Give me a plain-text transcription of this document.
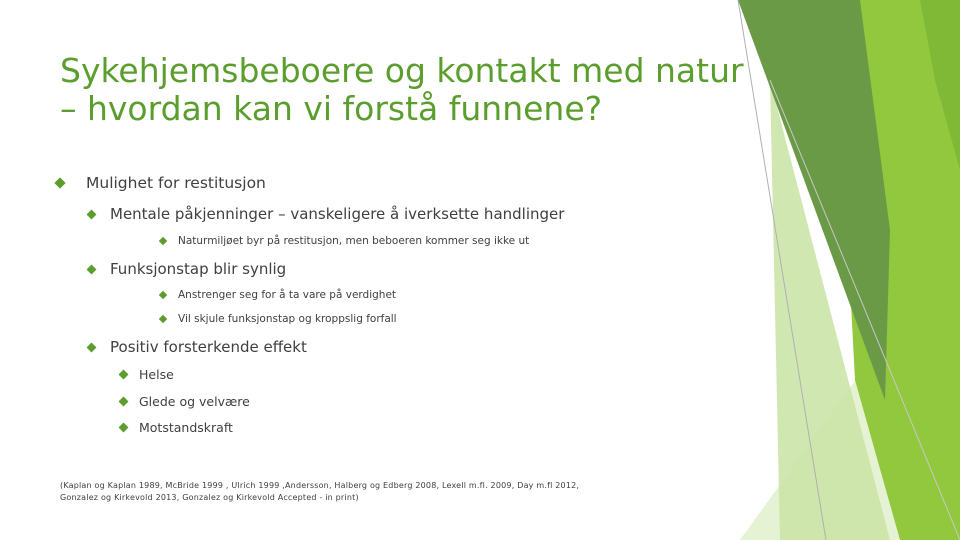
Sykehjemsbeboere og kontakt med natur
– hvordan kan vi forstå funnene?
Mulighet for restitusjon
Mentale påkjenninger – vanskeligere å iverksette handlinger
Naturmiljøet byr på restitusjon, men beboeren kommer seg ikke ut
Funksjonstap blir synlig
Anstrenger seg for å ta vare på verdighet
Vil skjule funksjonstap og kroppslig forfall
Positiv forsterkende effekt
Helse
Glede og velvære
Motstandskraft
(Kaplan og Kaplan 1989, McBride 1999 , Ulrich 1999 ,Andersson, Halberg og Edberg 2008, Lexell m.fl. 2009, Day m.fl 2012, Gonzalez og Kirkevold 2013, Gonzalez og Kirkevold Accepted - in print)
